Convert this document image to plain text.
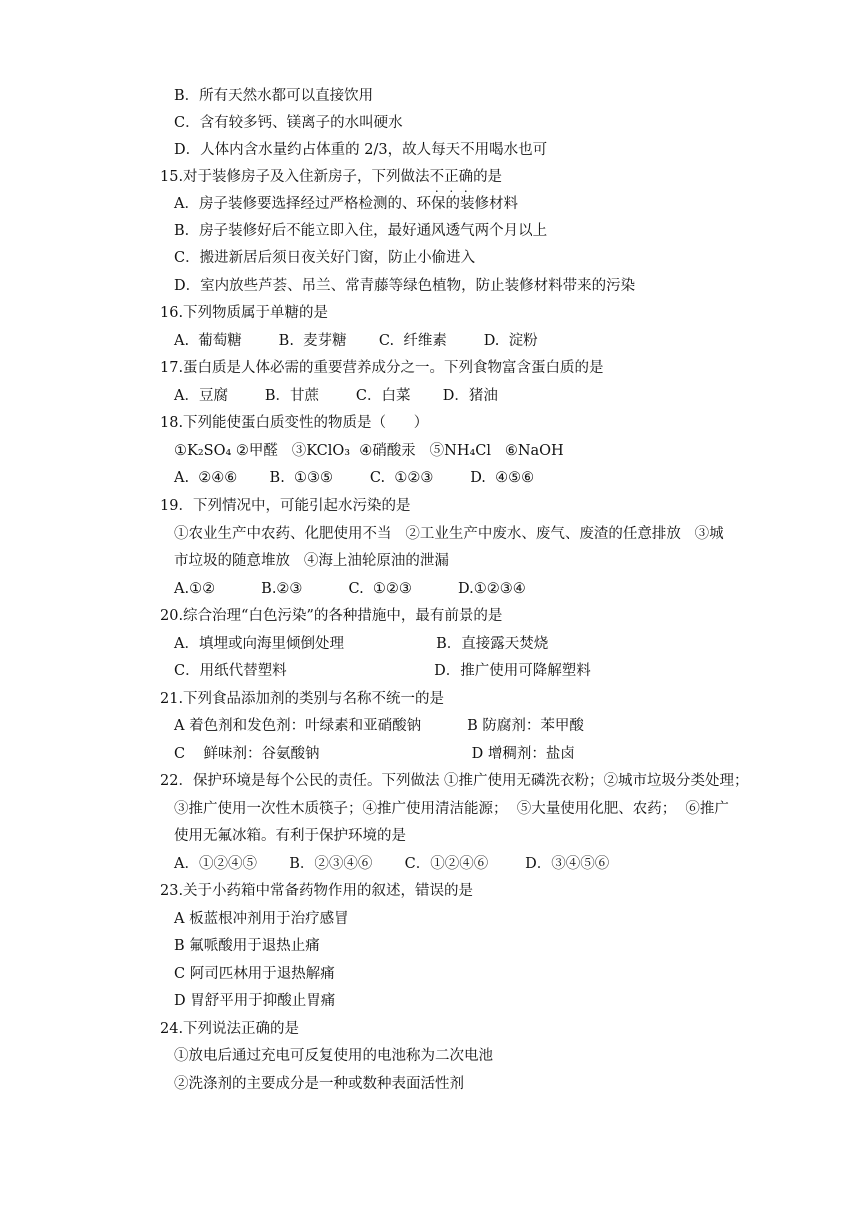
B．所有天然水都可以直接饮用
C．含有较多钙、镁离子的水叫硬水
D．人体内含水量约占体重的 2/3，故人每天不用喝水也可
15.对于装修房子及入住新房子，下列做法不正确的是
A．房子装修要选择经过严格检测的、环保的装修材料
B．房子装修好后不能立即入住，最好通风透气两个月以上
C．搬进新居后须日夜关好门窗，防止小偷进入
D．室内放些芦荟、吊兰、常青藤等绿色植物，防止装修材料带来的污染
16.下列物质属于单糖的是
A.  葡萄糖        B.  麦芽糖       C.  纤维素        D.  淀粉
17.蛋白质是人体必需的重要营养成分之一。下列食物富含蛋白质的是
A．豆腐        B．甘蔗        C．白菜       D．猪油
18.下列能使蛋白质变性的物质是（      ）
①K₂SO₄ ②甲醛   ③KClO₃  ④硝酸汞   ⑤NH₄Cl   ⑥NaOH
A.  ②④⑥       B.  ①③⑤        C.  ①②③        D.  ④⑤⑥
19．下列情况中，可能引起水污染的是
①农业生产中农药、化肥使用不当   ②工业生产中废水、废气、废渣的任意排放   ③城
市垃圾的随意堆放   ④海上油轮原油的泄漏
A.①②          B.②③          C.  ①②③          D.①②③④
20.综合治理“白色污染”的各种措施中，最有前景的是
A．填埋或向海里倾倒处理                    B．直接露天焚烧
C．用纸代替塑料                                D．推广使用可降解塑料
21.下列食品添加剂的类别与名称不统一的是
A 着色剂和发色剂：叶绿素和亚硝酸钠          B 防腐剂：苯甲酸
C    鲜味剂：谷氨酸钠                                 D 增稠剂：盐卤
22．保护环境是每个公民的责任。下列做法 ①推广使用无磷洗衣粉；②城市垃圾分类处理；
③推广使用一次性木质筷子；④推广使用清洁能源；  ⑤大量使用化肥、农药；  ⑥推广
使用无氟冰箱。有利于保护环境的是
A．①②④⑤       B．②③④⑥       C．①②④⑥        D．③④⑤⑥
23.关于小药箱中常备药物作用的叙述，错误的是
A 板蓝根冲剂用于治疗感冒
B 氟哌酸用于退热止痛
C 阿司匹林用于退热解痛
D 胃舒平用于抑酸止胃痛
24.下列说法正确的是
①放电后通过充电可反复使用的电池称为二次电池
②洗涤剂的主要成分是一种或数种表面活性剂
